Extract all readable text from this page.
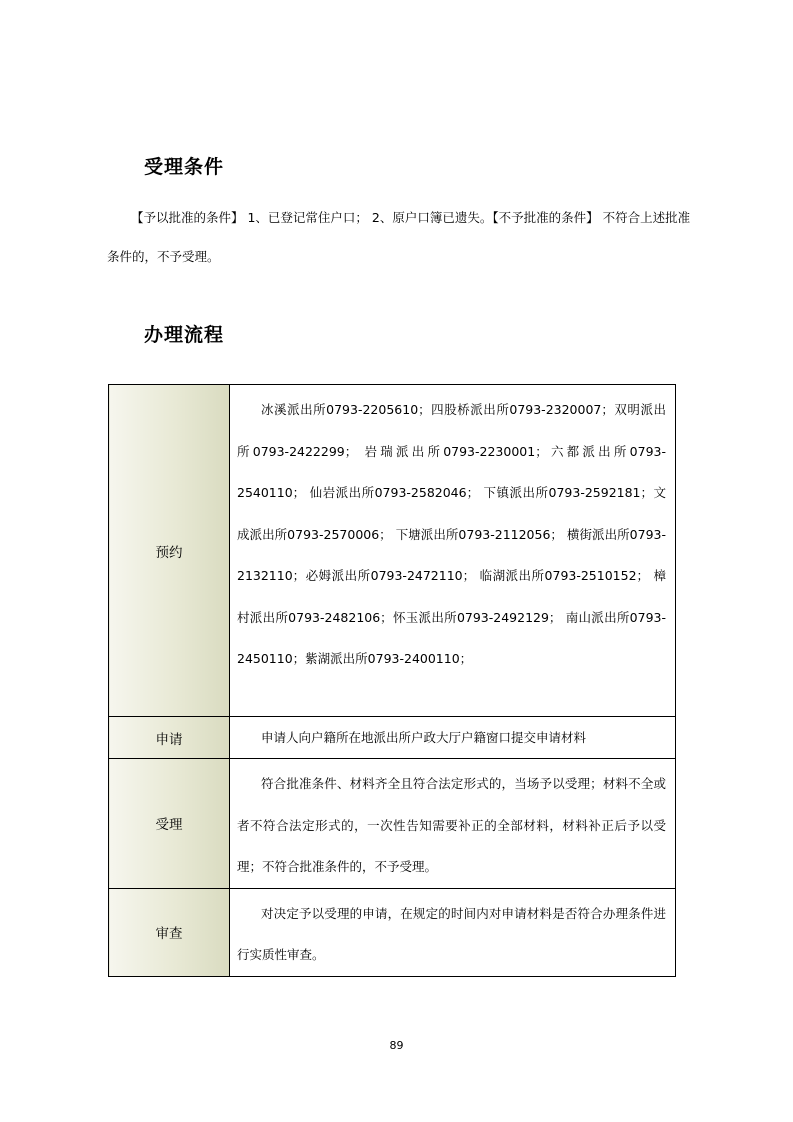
受理条件

【予以批准的条件】 1、已登记常住户口； 2、原户口簿已遗失。【不予批准的条件】 不符合上述批准条件的，不予受理。

办理流程
预约	冰溪派出所0793-2205610；四股桥派出所0793-2320007；双明派出所0793-2422299； 岩瑞派出所0793-2230001；六都派出所0793-2540110； 仙岩派出所0793-2582046； 下镇派出所0793-2592181；文成派出所0793-2570006； 下塘派出所0793-2112056； 横街派出所0793-2132110；必姆派出所0793-2472110； 临湖派出所0793-2510152； 樟村派出所0793-2482106；怀玉派出所0793-2492129； 南山派出所0793-2450110；紫湖派出所0793-2400110；

申请	申请人向户籍所在地派出所户政大厅户籍窗口提交申请材料

受理	符合批准条件、材料齐全且符合法定形式的，当场予以受理；材料不全或者不符合法定形式的，一次性告知需要补正的全部材料，材料补正后予以受理；不符合批准条件的，不予受理。

审查	对决定予以受理的申请，在规定的时间内对申请材料是否符合办理条件进行实质性审查。

89
